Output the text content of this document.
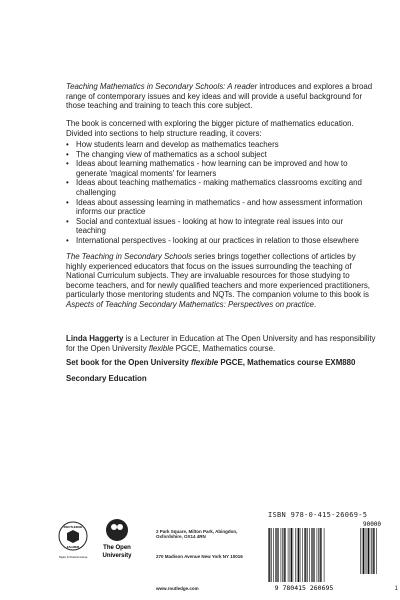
Teaching Mathematics in Secondary Schools: A reader introduces and explores a broad range of contemporary issues and key ideas and will provide a useful background for those teaching and training to teach this core subject.

The book is concerned with exploring the bigger picture of mathematics education. Divided into sections to help structure reading, it covers:

• How students learn and develop as mathematics teachers
• The changing view of mathematics as a school subject
• Ideas about learning mathematics - how learning can be improved and how to generate 'magical moments' for learners
• Ideas about teaching mathematics - making mathematics classrooms exciting and challenging
• Ideas about assessing learning in mathematics - and how assessment information informs our practice
• Social and contextual issues - looking at how to integrate real issues into our teaching
• International perspectives - looking at our practices in relation to those elsewhere

The Teaching in Secondary Schools series brings together collections of articles by highly experienced educators that focus on the issues surrounding the teaching of National Curriculum subjects. They are invaluable resources for those studying to become teachers, and for newly qualified teachers and more experienced practitioners, particularly those mentoring students and NQTs. The companion volume to this book is Aspects of Teaching Secondary Mathematics: Perspectives on practice.

Linda Haggerty is a Lecturer in Education at The Open University and has responsibility for the Open University flexible PGCE, Mathematics course.

Set book for the Open University flexible PGCE, Mathematics course EXM880

Secondary Education

ROUTLEDGE
FALMER
Taylor & Francis Group
The Open
University
2 Park Square, Milton Park, Abingdon, Oxfordshire, OX14 4RN
270 Madison Avenue New York NY 10016
www.routledge.com
ISBN 978-0-415-26069-5
90000
9 780415 260695	1
